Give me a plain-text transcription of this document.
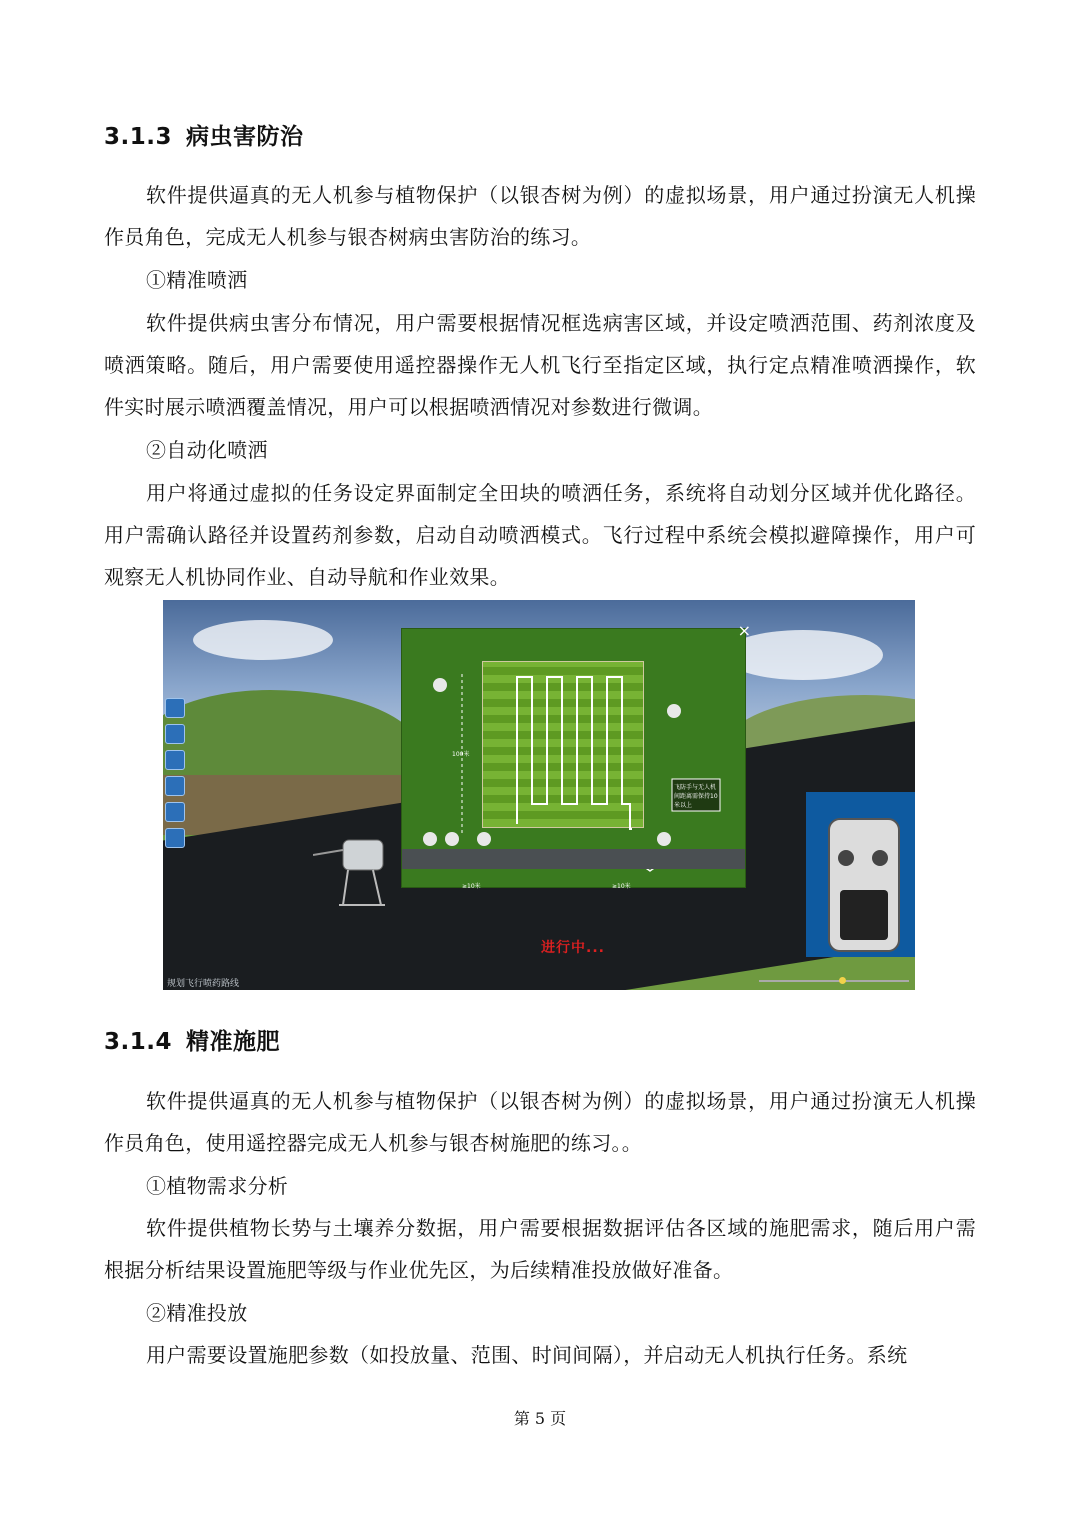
3.1.3 病虫害防治

软件提供逼真的无人机参与植物保护（以银杏树为例）的虚拟场景，用户通过扮演无人机操作员角色，完成无人机参与银杏树病虫害防治的练习。

①精准喷洒

软件提供病虫害分布情况，用户需要根据情况框选病害区域，并设定喷洒范围、药剂浓度及喷洒策略。随后，用户需要使用遥控器操作无人机飞行至指定区域，执行定点精准喷洒操作，软件实时展示喷洒覆盖情况，用户可以根据喷洒情况对参数进行微调。

②自动化喷洒

用户将通过虚拟的任务设定界面制定全田块的喷洒任务，系统将自动划分区域并优化路径。用户需确认路径并设置药剂参数，启动自动喷洒模式。飞行过程中系统会模拟避障操作，用户可观察无人机协同作业、自动导航和作业效果。

×
100米
飞防手与无人机间距离需保持10米以上
≥10米	≥10米
进行中...
规划飞行喷药路线
3.1.4 精准施肥

软件提供逼真的无人机参与植物保护（以银杏树为例）的虚拟场景，用户通过扮演无人机操作员角色，使用遥控器完成无人机参与银杏树施肥的练习。。

①植物需求分析

软件提供植物长势与土壤养分数据，用户需要根据数据评估各区域的施肥需求，随后用户需根据分析结果设置施肥等级与作业优先区，为后续精准投放做好准备。

②精准投放

用户需要设置施肥参数（如投放量、范围、时间间隔），并启动无人机执行任务。系统

第 5 页
